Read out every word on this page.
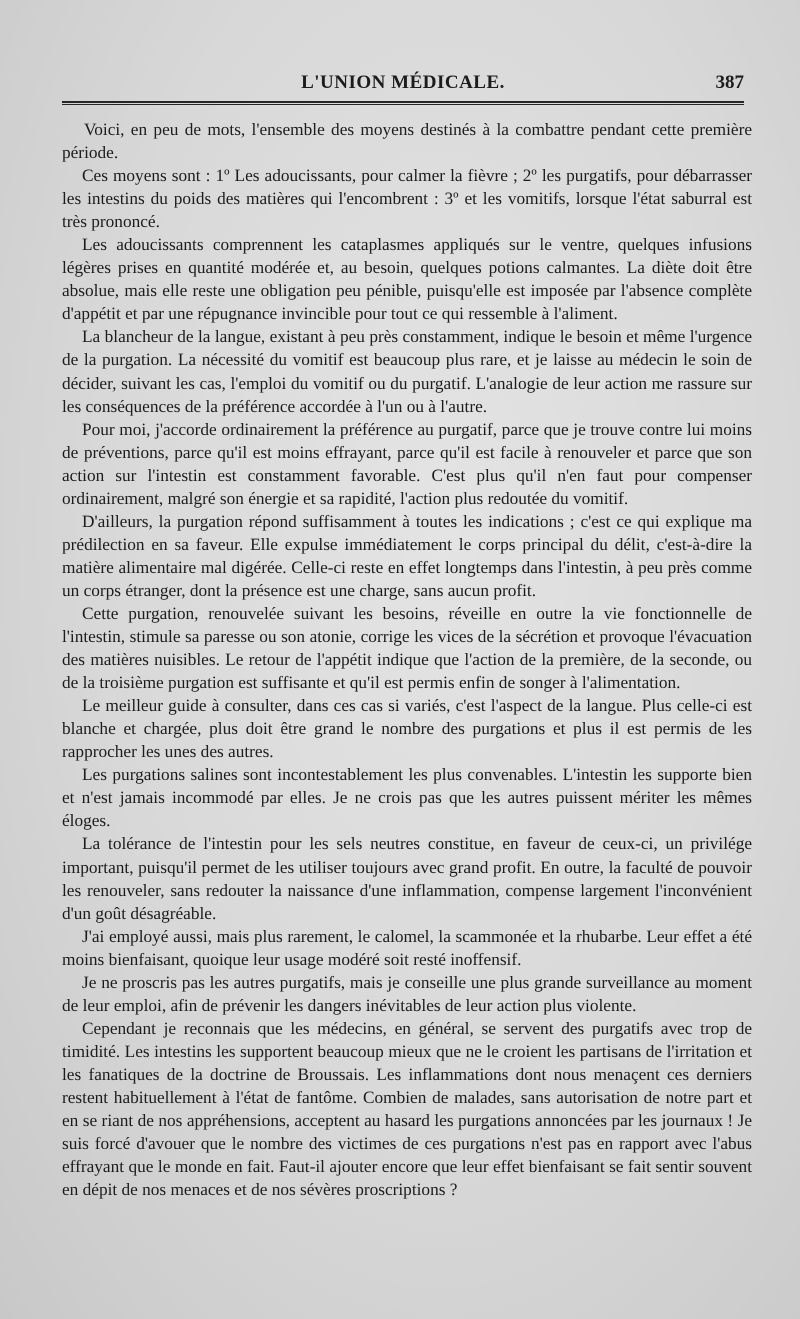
L'UNION MÉDICALE.	387

Voici, en peu de mots, l'ensemble des moyens destinés à la combattre pendant cette première période.

Ces moyens sont : 1º Les adoucissants, pour calmer la fièvre ; 2º les purgatifs, pour débarrasser les intestins du poids des matières qui l'encombrent : 3º et les vomitifs, lorsque l'état saburral est très prononcé.

Les adoucissants comprennent les cataplasmes appliqués sur le ventre, quelques infusions légères prises en quantité modérée et, au besoin, quelques potions calmantes. La diète doit être absolue, mais elle reste une obligation peu pénible, puisqu'elle est imposée par l'absence complète d'appétit et par une répugnance invincible pour tout ce qui ressemble à l'aliment.

La blancheur de la langue, existant à peu près constamment, indique le besoin et même l'urgence de la purgation. La nécessité du vomitif est beaucoup plus rare, et je laisse au médecin le soin de décider, suivant les cas, l'emploi du vomitif ou du purgatif. L'analogie de leur action me rassure sur les conséquences de la préférence accordée à l'un ou à l'autre.

Pour moi, j'accorde ordinairement la préférence au purgatif, parce que je trouve contre lui moins de préventions, parce qu'il est moins effrayant, parce qu'il est facile à renouveler et parce que son action sur l'intestin est constamment favorable. C'est plus qu'il n'en faut pour compenser ordinairement, malgré son énergie et sa rapidité, l'action plus redoutée du vomitif.

D'ailleurs, la purgation répond suffisamment à toutes les indications ; c'est ce qui explique ma prédilection en sa faveur. Elle expulse immédiatement le corps principal du délit, c'est-à-dire la matière alimentaire mal digérée. Celle-ci reste en effet longtemps dans l'intestin, à peu près comme un corps étranger, dont la présence est une charge, sans aucun profit.

Cette purgation, renouvelée suivant les besoins, réveille en outre la vie fonctionnelle de l'intestin, stimule sa paresse ou son atonie, corrige les vices de la sécrétion et provoque l'évacuation des matières nuisibles. Le retour de l'appétit indique que l'action de la première, de la seconde, ou de la troisième purgation est suffisante et qu'il est permis enfin de songer à l'alimentation.

Le meilleur guide à consulter, dans ces cas si variés, c'est l'aspect de la langue. Plus celle-ci est blanche et chargée, plus doit être grand le nombre des purgations et plus il est permis de les rapprocher les unes des autres.

Les purgations salines sont incontestablement les plus convenables. L'intestin les supporte bien et n'est jamais incommodé par elles. Je ne crois pas que les autres puissent mériter les mêmes éloges.

La tolérance de l'intestin pour les sels neutres constitue, en faveur de ceux-ci, un privilége important, puisqu'il permet de les utiliser toujours avec grand profit. En outre, la faculté de pouvoir les renouveler, sans redouter la naissance d'une inflammation, compense largement l'inconvénient d'un goût désagréable.

J'ai employé aussi, mais plus rarement, le calomel, la scammonée et la rhubarbe. Leur effet a été moins bienfaisant, quoique leur usage modéré soit resté inoffensif.

Je ne proscris pas les autres purgatifs, mais je conseille une plus grande surveillance au moment de leur emploi, afin de prévenir les dangers inévitables de leur action plus violente.

Cependant je reconnais que les médecins, en général, se servent des purgatifs avec trop de timidité. Les intestins les supportent beaucoup mieux que ne le croient les partisans de l'irritation et les fanatiques de la doctrine de Broussais. Les inflammations dont nous menaçent ces derniers restent habituellement à l'état de fantôme. Combien de malades, sans autorisation de notre part et en se riant de nos appréhensions, acceptent au hasard les purgations annoncées par les journaux ! Je suis forcé d'avouer que le nombre des victimes de ces purgations n'est pas en rapport avec l'abus effrayant que le monde en fait. Faut-il ajouter encore que leur effet bienfaisant se fait sentir souvent en dépit de nos menaces et de nos sévères proscriptions ?
